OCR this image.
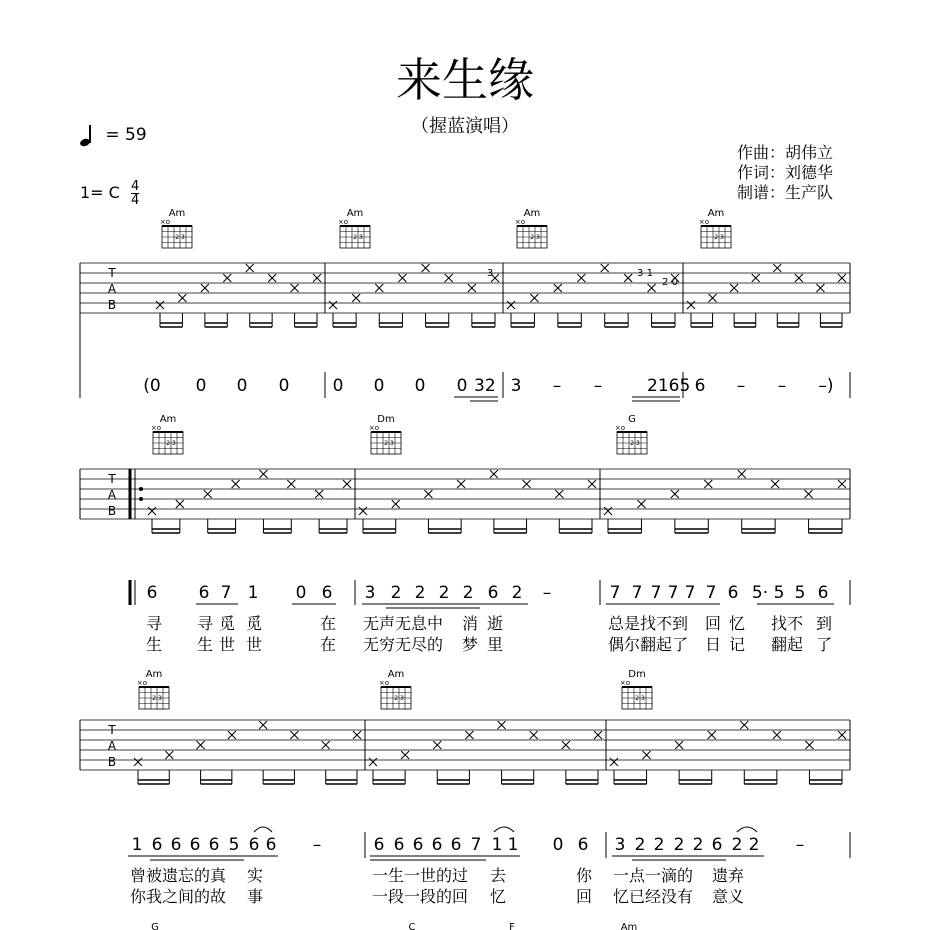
来生缘
（握蓝演唱）
= 59
1= C $\frac{4}{4}$
作曲：胡伟立
作词：刘德华
制谱：生产队
Am
×o
2 3
Am
×o
2 3
Am
×o
2 3
Am
×o
2 3
T
A
B
3	3 1
2 0
Am
×o
2 3
Dm
×o
2 3
G
×o
2 3
T
A
B
Am
×o
2 3
Am
×o
2 3
Dm
×o
2 3
T
A
B
G	C	F	Am
(0 0 0 0	0 0 0 0 32 3	–	–	2165 6	–	–	–)
6 6 7 1 0 6 3 2 2 2 2 6 2	–	7 7 7 7 7 7 6 5· 5 5 6
寻 寻 觅 觅	在 无声无息中 消 逝	总是找不到 回 忆 找不 到
生 生 世 世	在 无穷无尽的 梦 里	偶尔翻起了 日 记 翻起 了
1 6 6 6 6 5 6 6	–	6 6 6 6 6 7 1 1 0 6 3 2 2 2 2 6 2 2	–
曾被遗忘的真 实	一生一世的过 去	你 一点一滴的 遗弃
你我之间的故 事	一段一段的回 忆	回 忆已经没有 意义
